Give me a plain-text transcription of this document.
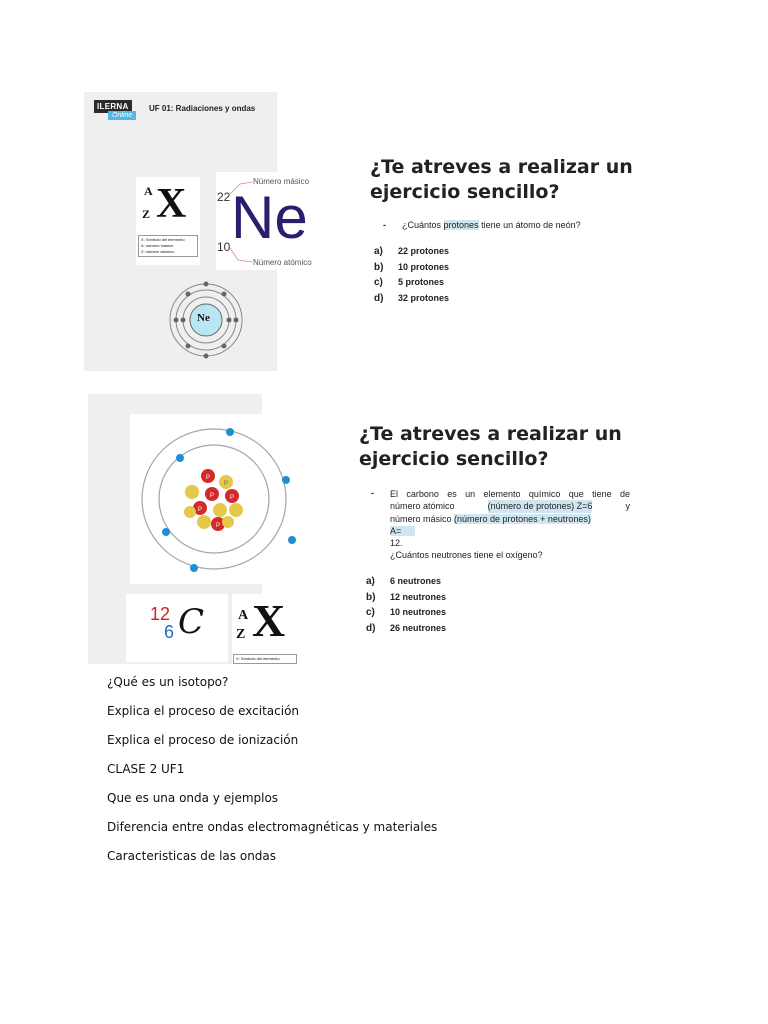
ILERNA
Online
UF 01: Radiaciones y ondas
A
Z X
X: Símbolo del elemento
A: número másico
Z: número atómico
22
10 Ne
Número másico
Número atómico
Ne
¿Te atreves a realizar un
ejercicio sencillo?
- ¿Cuántos protones tiene un átomo de neón?
a) 22 protones
b) 10 protones
c) 5 protones
d) 32 protones
P
P	P
P
P
P
12
6 C A
Z X
X: Símbolo del elemento
¿Te atreves a realizar un
ejercicio sencillo?
- El carbono es un elemento químico que tiene de
número atómico	(número de protones) Z=6	y
número másico (número de protones + neutrones)
A=
12.
¿Cuántos neutrones tiene el oxígeno?
a) 6 neutrones
b) 12 neutrones
c) 10 neutrones
d) 26 neutrones
¿Qué es un isotopo?
Explica el proceso de excitación
Explica el proceso de ionización
CLASE 2 UF1
Que es una onda y ejemplos
Diferencia entre ondas electromagnéticas y materiales
Caracteristicas de las ondas
